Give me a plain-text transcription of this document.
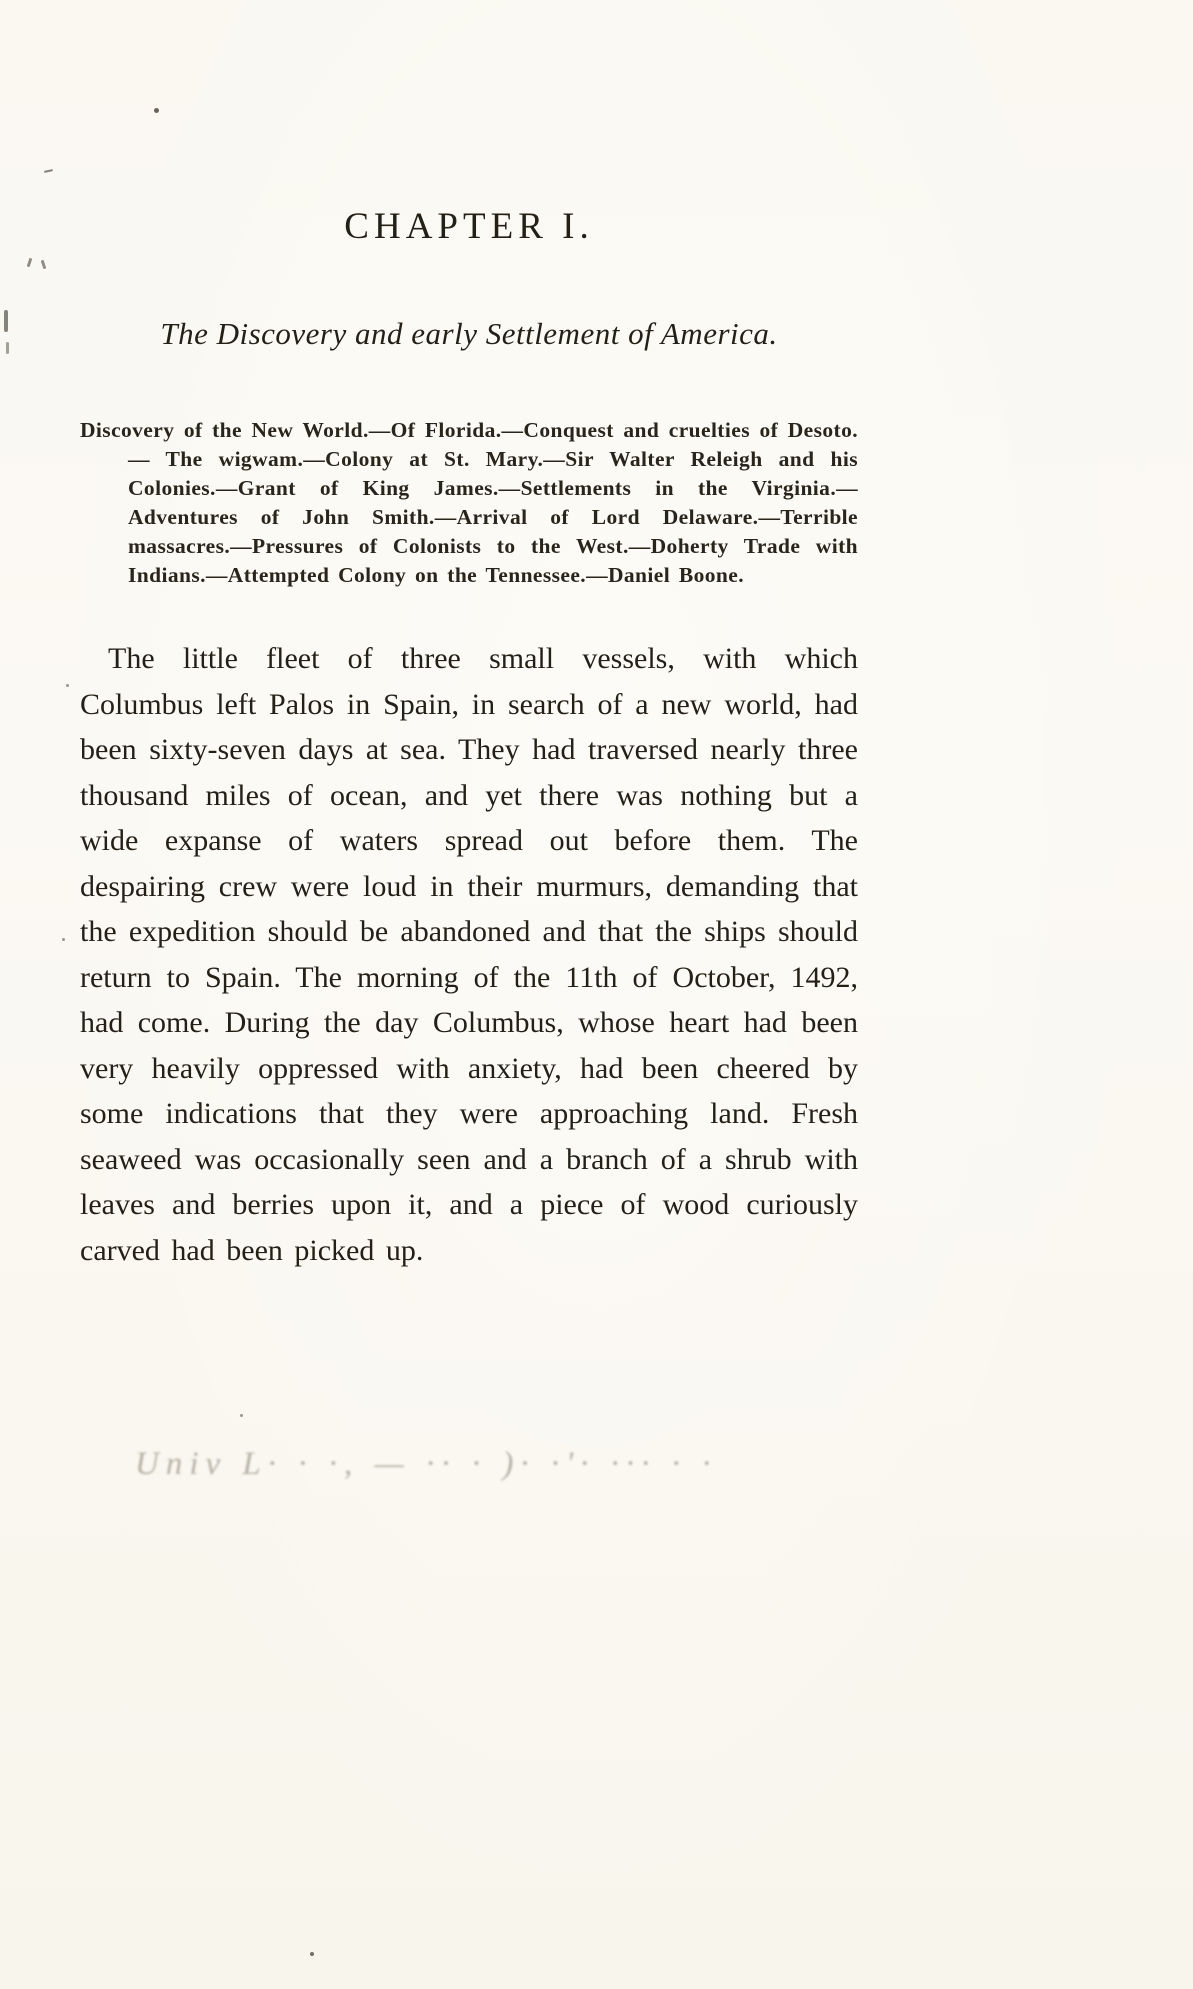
CHAPTER I.
The Discovery and early Settlement of America.

Discovery of the New World.—Of Florida.—Conquest and cruelties of Desoto. — The wigwam.—Colony at St. Mary.—Sir Walter Releigh and his Colonies.—Grant of King James.—Settlements in the Virginia.—Adventures of John Smith.—Arrival of Lord Delaware.—Terrible massacres.—Pressures of Colonists to the West.—Doherty Trade with Indians.—Attempted Colony on the Tennessee.—Daniel Boone.

The little fleet of three small vessels, with which Columbus left Palos in Spain, in search of a new world, had been sixty-seven days at sea. They had traversed nearly three thousand miles of ocean, and yet there was nothing but a wide expanse of waters spread out before them. The despairing crew were loud in their murmurs, demanding that the expedition should be abandoned and that the ships should return to Spain. The morning of the 11th of October, 1492, had come. During the day Columbus, whose heart had been very heavily oppressed with anxiety, had been cheered by some indications that they were approaching land. Fresh seaweed was occasionally seen and a branch of a shrub with leaves and berries upon it, and a piece of wood curiously carved had been picked up.

Univ L· · ·, — ·· · )· ·'· ··· · ·
